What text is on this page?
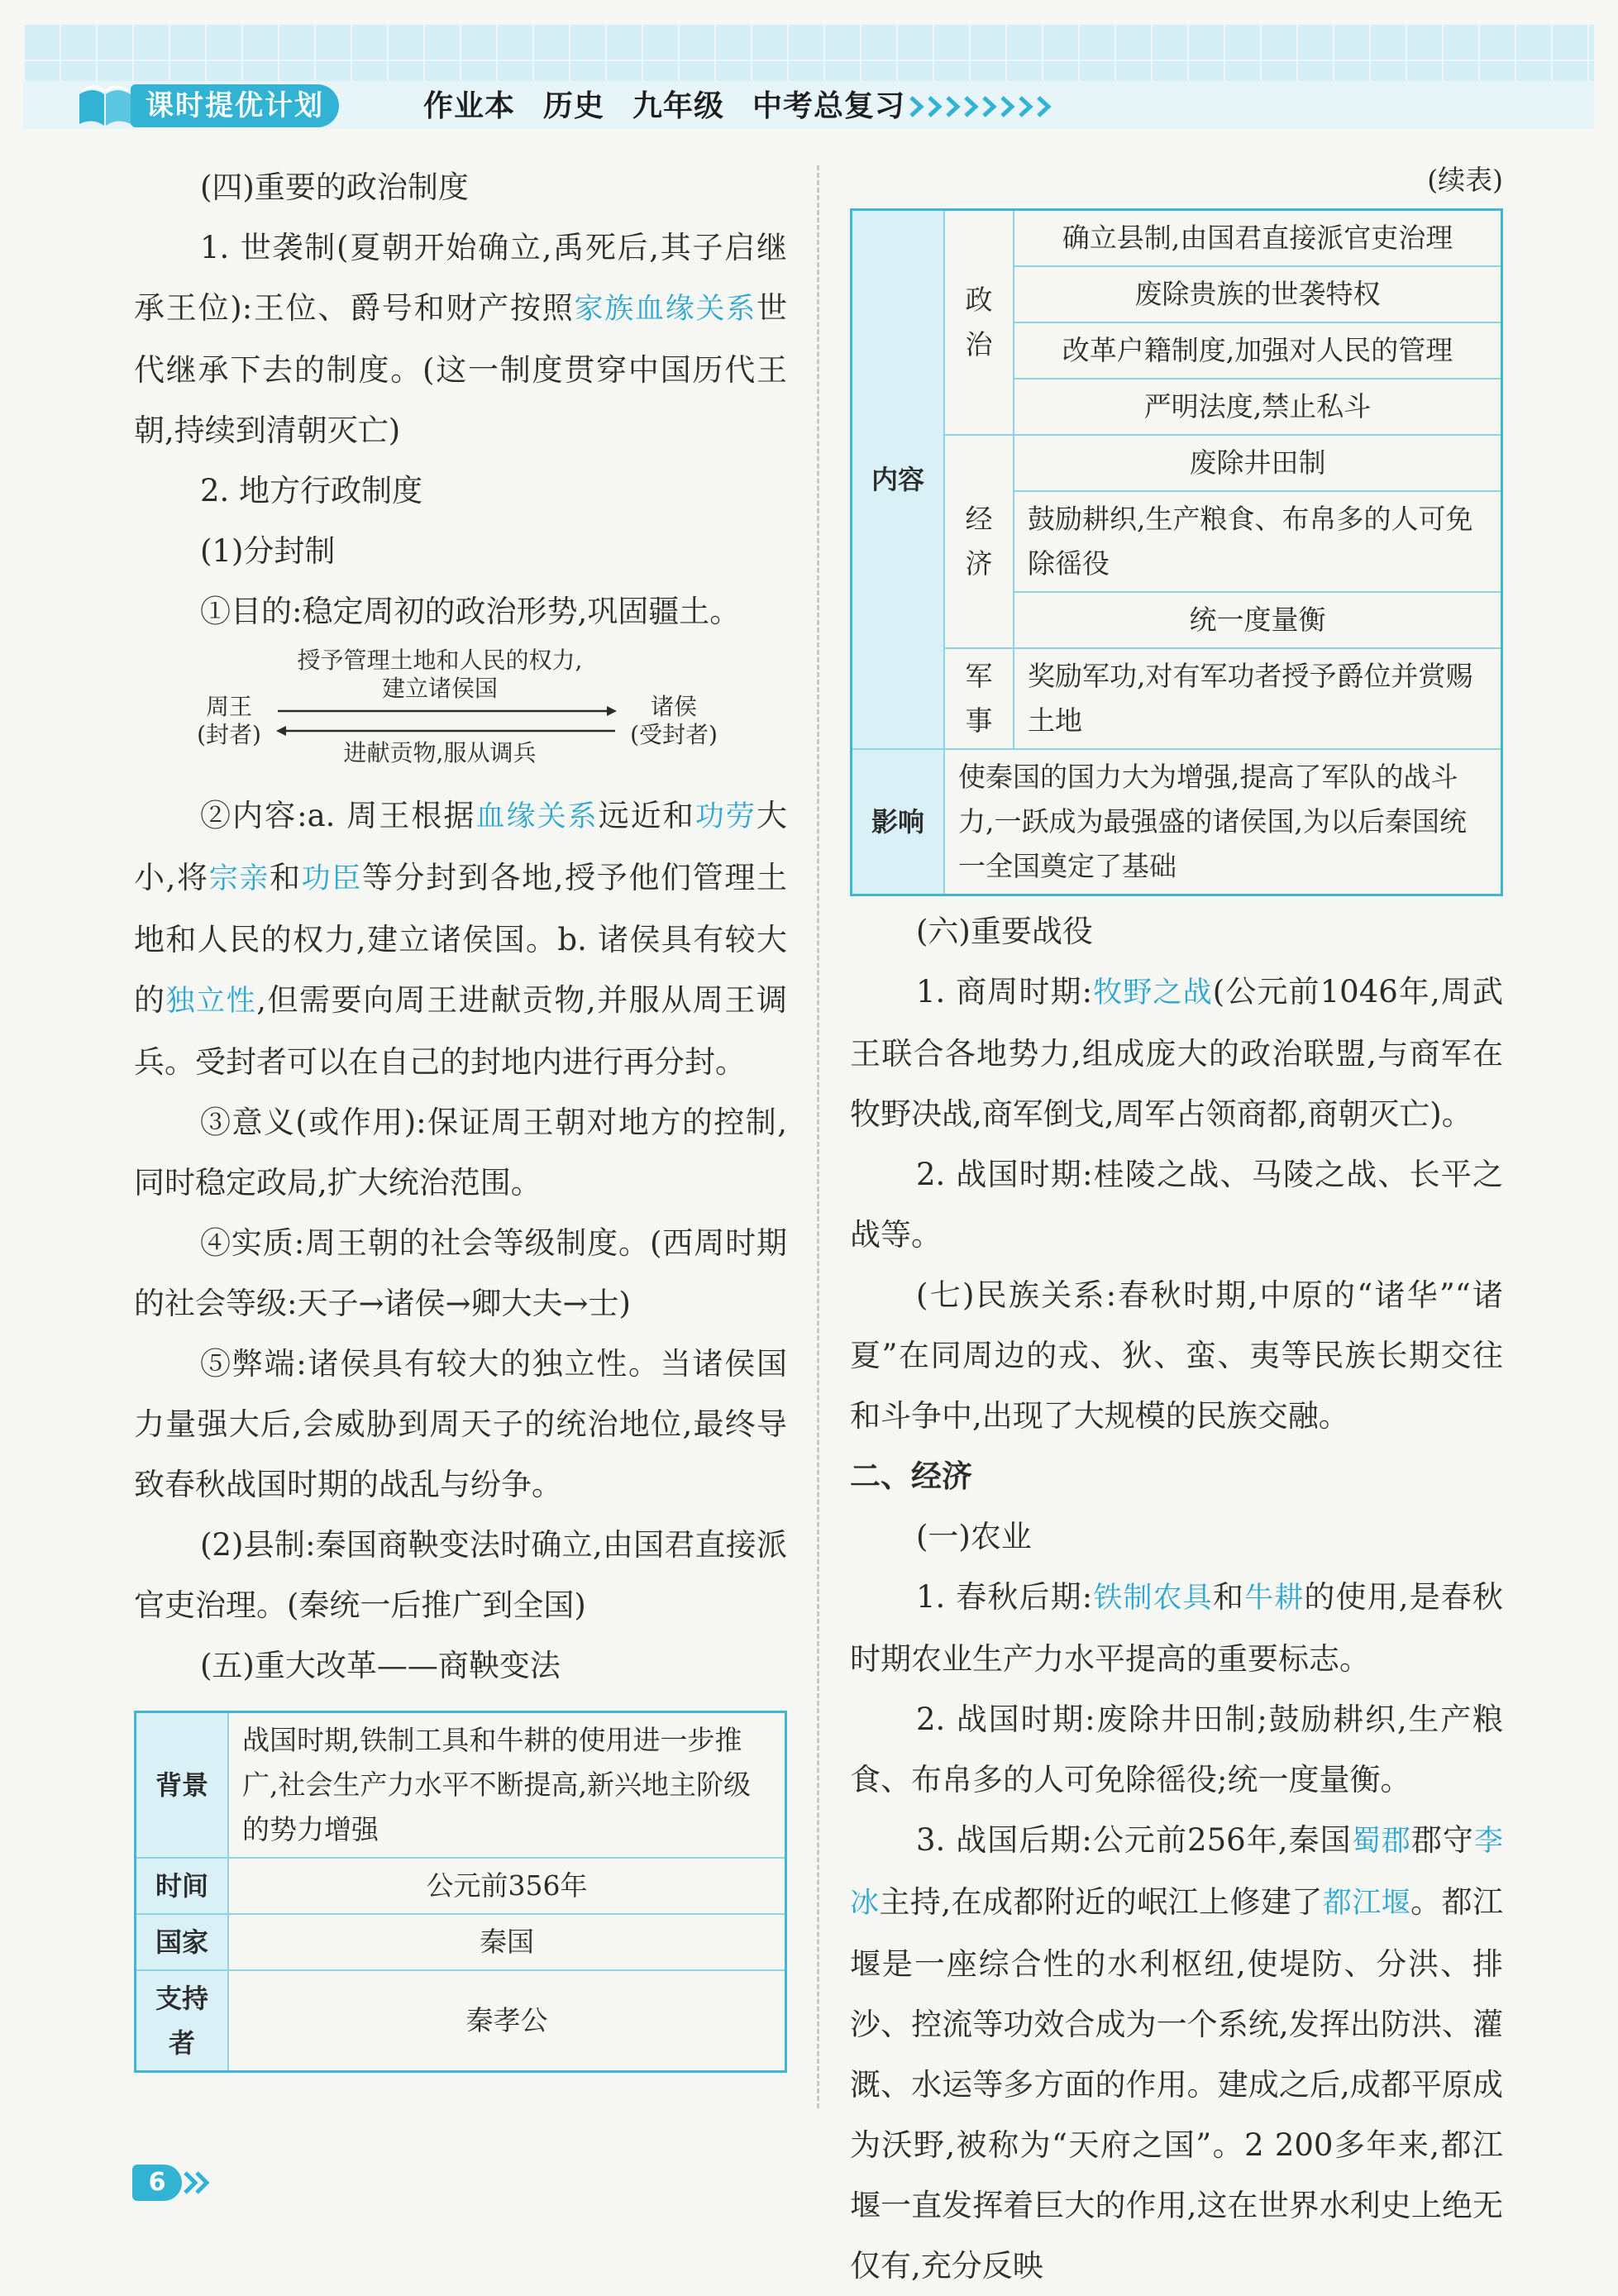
课时提优计划	作业本 历史 九年级 中考总复习

(四)重要的政治制度

1. 世袭制(夏朝开始确立,禹死后,其子启继承王位):王位、爵号和财产按照家族血缘关系世代继承下去的制度。(这一制度贯穿中国历代王朝,持续到清朝灭亡)

2. 地方行政制度

(1)分封制

①目的:稳定周初的政治形势,巩固疆土。

授予管理土地和人民的权力,
建立诸侯国
周王
(封者)
诸侯
(受封者)
进献贡物,服从调兵

②内容:a. 周王根据血缘关系远近和功劳大小,将宗亲和功臣等分封到各地,授予他们管理土地和人民的权力,建立诸侯国。b. 诸侯具有较大的独立性,但需要向周王进献贡物,并服从周王调兵。受封者可以在自己的封地内进行再分封。

③意义(或作用):保证周王朝对地方的控制,同时稳定政局,扩大统治范围。

④实质:周王朝的社会等级制度。(西周时期的社会等级:天子→诸侯→卿大夫→士)

⑤弊端:诸侯具有较大的独立性。当诸侯国力量强大后,会威胁到周天子的统治地位,最终导致春秋战国时期的战乱与纷争。

(2)县制:秦国商鞅变法时确立,由国君直接派官吏治理。(秦统一后推广到全国)

(五)重大改革——商鞅变法

背景	战国时期,铁制工具和牛耕的使用进一步推广,社会生产力水平不断提高,新兴地主阶级的势力增强
时间	公元前356年
国家	秦国
支持者	秦孝公
(续表)
内容	政治	确立县制,由国君直接派官吏治理
		废除贵族的世袭特权
		改革户籍制度,加强对人民的管理
		严明法度,禁止私斗
	经济	废除井田制
		鼓励耕织,生产粮食、布帛多的人可免除徭役
		统一度量衡
	军事	奖励军功,对有军功者授予爵位并赏赐土地
影响	使秦国的国力大为增强,提高了军队的战斗力,一跃成为最强盛的诸侯国,为以后秦国统一全国奠定了基础	

(六)重要战役

1. 商周时期:牧野之战(公元前1046年,周武王联合各地势力,组成庞大的政治联盟,与商军在牧野决战,商军倒戈,周军占领商都,商朝灭亡)。

2. 战国时期:桂陵之战、马陵之战、长平之战等。

(七)民族关系:春秋时期,中原的“诸华”“诸夏”在同周边的戎、狄、蛮、夷等民族长期交往和斗争中,出现了大规模的民族交融。

二、经济

(一)农业

1. 春秋后期:铁制农具和牛耕的使用,是春秋时期农业生产力水平提高的重要标志。

2. 战国时期:废除井田制;鼓励耕织,生产粮食、布帛多的人可免除徭役;统一度量衡。

3. 战国后期:公元前256年,秦国蜀郡郡守李冰主持,在成都附近的岷江上修建了都江堰。都江堰是一座综合性的水利枢纽,使堤防、分洪、排沙、控流等功效合成为一个系统,发挥出防洪、灌溉、水运等多方面的作用。建成之后,成都平原成为沃野,被称为“天府之国”。2 200多年来,都江堰一直发挥着巨大的作用,这在世界水利史上绝无仅有,充分反映

6
